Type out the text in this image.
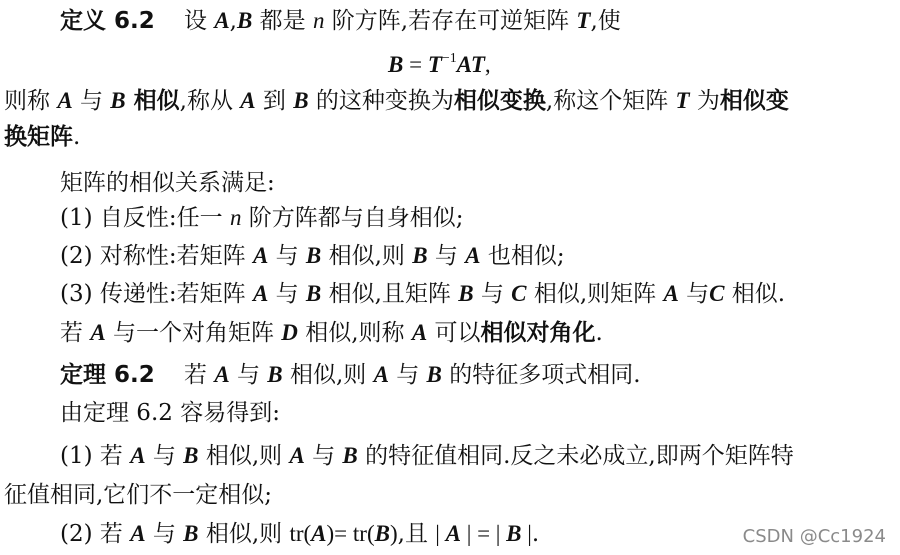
定义 6.2 设 A,B 都是 n 阶方阵,若存在可逆矩阵 T,使
$B = T^{-1}AT$,
则称 A 与 B 相似,称从 A 到 B 的这种变换为相似变换,称这个矩阵 T 为相似变
换矩阵.
矩阵的相似关系满足:
(1) 自反性:任一 n 阶方阵都与自身相似;
(2) 对称性:若矩阵 A 与 B 相似,则 B 与 A 也相似;
(3) 传递性:若矩阵 A 与 B 相似,且矩阵 B 与 C 相似,则矩阵 A 与C 相似.
若 A 与一个对角矩阵 D 相似,则称 A 可以相似对角化.
定理 6.2 若 A 与 B 相似,则 A 与 B 的特征多项式相同.
由定理 6.2 容易得到:
(1) 若 A 与 B 相似,则 A 与 B 的特征值相同.反之未必成立,即两个矩阵特
征值相同,它们不一定相似;
(2) 若 A 与 B 相似,则 tr(A)= tr(B),且 | A | = | B |.	CSDN @Cc1924
